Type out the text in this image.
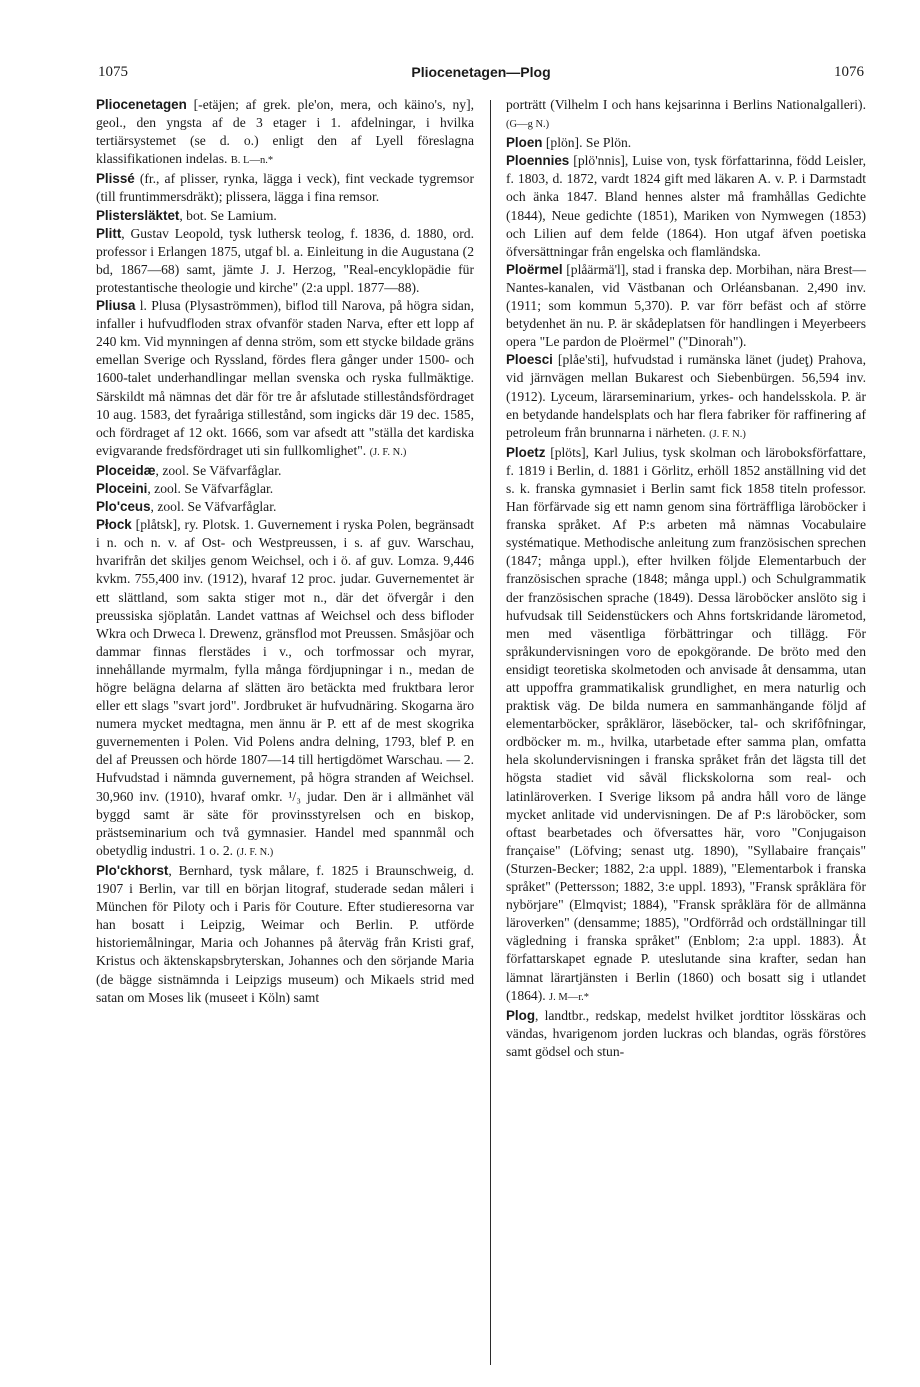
1075	Pliocenetagen—Plog	1076

Pliocenetagen [-etäjen; af grek. ple'on, mera, och käino's, ny], geol., den yngsta af de 3 etager i 1. afdelningar, i hvilka tertiärsystemet (se d. o.) enligt den af Lyell föreslagna klassifikationen indelas. B. L—n.*

Plissé (fr., af plisser, rynka, lägga i veck), fint veckade tygremsor (till fruntimmersdräkt); plissera, lägga i fina remsor.

Plistersläktet, bot. Se Lamium.

Plitt, Gustav Leopold, tysk luthersk teolog, f. 1836, d. 1880, ord. professor i Erlangen 1875, utgaf bl. a. Einleitung in die Augustana (2 bd, 1867—68) samt, jämte J. J. Herzog, "Real-encyklopädie für protestantische theologie und kirche" (2:a uppl. 1877—88).

Pliusa l. Plusa (Plysaströmmen), biflod till Narova, på högra sidan, infaller i hufvudfloden strax ofvanför staden Narva, efter ett lopp af 240 km. Vid mynningen af denna ström, som ett stycke bildade gräns emellan Sverige och Ryssland, fördes flera gånger under 1500- och 1600-talet underhandlingar mellan svenska och ryska fullmäktige. Särskildt må nämnas det där för tre år afslutade stilleståndsfördraget 10 aug. 1583, det fyraåriga stillestånd, som ingicks där 19 dec. 1585, och fördraget af 12 okt. 1666, som var afsedt att "ställa det kardiska evigvarande fredsfördraget uti sin fullkomlighet". (J. F. N.)

Ploceidæ, zool. Se Väfvarfåglar.

Ploceini, zool. Se Väfvarfåglar.

Plo'ceus, zool. Se Väfvarfåglar.

Płock [plåtsk], ry. Plotsk. 1. Guvernement i ryska Polen, begränsadt i n. och n. v. af Ost- och Westpreussen, i s. af guv. Warschau, hvarifrån det skiljes genom Weichsel, och i ö. af guv. Lomza. 9,446 kvkm. 755,400 inv. (1912), hvaraf 12 proc. judar. Guvernementet är ett slättland, som sakta stiger mot n., där det öfvergår i den preussiska sjöplatån. Landet vattnas af Weichsel och dess bifloder Wkra och Drweca l. Drewenz, gränsflod mot Preussen. Småsjöar och dammar finnas flerstädes i v., och torfmossar och myrar, innehållande myrmalm, fylla många fördjupningar i n., medan de högre belägna delarna af slätten äro betäckta med fruktbara leror eller ett slags "svart jord". Jordbruket är hufvudnäring. Skogarna äro numera mycket medtagna, men ännu är P. ett af de mest skogrika guvernementen i Polen. Vid Polens andra delning, 1793, blef P. en del af Preussen och hörde 1807—14 till hertigdömet Warschau. — 2. Hufvudstad i nämnda guvernement, på högra stranden af Weichsel. 30,960 inv. (1910), hvaraf omkr. ¹/₃ judar. Den är i allmänhet väl byggd samt är säte för provinsstyrelsen och en biskop, prästseminarium och två gymnasier. Handel med spannmål och obetydlig industri. 1 o. 2. (J. F. N.)

Plo'ckhorst, Bernhard, tysk målare, f. 1825 i Braunschweig, d. 1907 i Berlin, var till en början litograf, studerade sedan måleri i München för Piloty och i Paris för Couture. Efter studieresorna var han bosatt i Leipzig, Weimar och Berlin. P. utförde historiemålningar, Maria och Johannes på återväg från Kristi graf, Kristus och äktenskapsbryterskan, Johannes och den sörjande Maria (de bägge sistnämnda i Leipzigs museum) och Mikaels strid med satan om Moses lik (museet i Köln) samt

porträtt (Vilhelm I och hans kejsarinna i Berlins Nationalgalleri). (G—g N.)

Ploen [plön]. Se Plön.

Ploennies [plö'nnis], Luise von, tysk författarinna, född Leisler, f. 1803, d. 1872, vardt 1824 gift med läkaren A. v. P. i Darmstadt och änka 1847. Bland hennes alster må framhållas Gedichte (1844), Neue gedichte (1851), Mariken von Nymwegen (1853) och Lilien auf dem felde (1864). Hon utgaf äfven poetiska öfversättningar från engelska och flamländska.

Ploërmel [plåärmä'l], stad i franska dep. Morbihan, nära Brest—Nantes-kanalen, vid Västbanan och Orléansbanan. 2,490 inv. (1911; som kommun 5,370). P. var förr befäst och af större betydenhet än nu. P. är skådeplatsen för handlingen i Meyerbeers opera "Le pardon de Ploërmel" ("Dinorah").

Ploesci [plåe'sti], hufvudstad i rumänska länet (judeţ) Prahova, vid järnvägen mellan Bukarest och Siebenbürgen. 56,594 inv. (1912). Lyceum, lärarseminarium, yrkes- och handelsskola. P. är en betydande handelsplats och har flera fabriker för raffinering af petroleum från brunnarna i närheten. (J. F. N.)

Ploetz [plöts], Karl Julius, tysk skolman och läroboksförfattare, f. 1819 i Berlin, d. 1881 i Görlitz, erhöll 1852 anställning vid det s. k. franska gymnasiet i Berlin samt fick 1858 titeln professor. Han förfärvade sig ett namn genom sina förträffliga läroböcker i franska språket. Af P:s arbeten må nämnas Vocabulaire systématique. Methodische anleitung zum französischen sprechen (1847; många uppl.), efter hvilken följde Elementarbuch der französischen sprache (1848; många uppl.) och Schulgrammatik der französischen sprache (1849). Dessa läroböcker anslöto sig i hufvudsak till Seidenstückers och Ahns fortskridande lärometod, men med väsentliga förbättringar och tillägg. För språkundervisningen voro de epokgörande. De bröto med den ensidigt teoretiska skolmetoden och anvisade åt densamma, utan att uppoffra grammatikalisk grundlighet, en mera naturlig och praktisk väg. De bilda numera en sammanhängande följd af elementarböcker, språkläror, läseböcker, tal- och skrifôfningar, ordböcker m. m., hvilka, utarbetade efter samma plan, omfatta hela skolundervisningen i franska språket från det lägsta till det högsta stadiet vid såväl flickskolorna som real- och latinläroverken. I Sverige liksom på andra håll voro de länge mycket anlitade vid undervisningen. De af P:s läroböcker, som oftast bearbetades och öfversattes här, voro "Conjugaison française" (Löfving; senast utg. 1890), "Syllabaire français" (Sturzen-Becker; 1882, 2:a uppl. 1889), "Elementarbok i franska språket" (Pettersson; 1882, 3:e uppl. 1893), "Fransk språklära för nybörjare" (Elmqvist; 1884), "Fransk språklära för de allmänna läroverken" (densamme; 1885), "Ordförråd och ordställningar till vägledning i franska språket" (Enblom; 2:a uppl. 1883). Åt författarskapet egnade P. uteslutande sina krafter, sedan han lämnat lärartjänsten i Berlin (1860) och bosatt sig i utlandet (1864). J. M—r.*

Plog, landtbr., redskap, medelst hvilket jordtitor lösskäras och vändas, hvarigenom jorden luckras och blandas, ogräs förstöres samt gödsel och stun-
